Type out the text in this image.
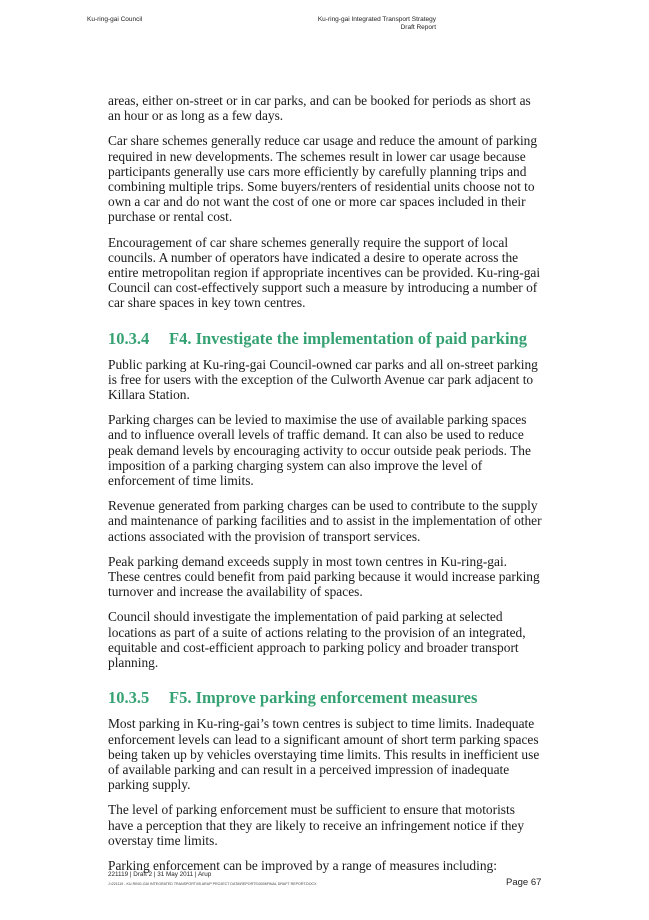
Ku-ring-gai Council	Ku-ring-gai Integrated Transport Strategy
Draft Report

areas, either on-street or in car parks, and can be booked for periods as short as an hour or as long as a few days.

Car share schemes generally reduce car usage and reduce the amount of parking required in new developments. The schemes result in lower car usage because participants generally use cars more efficiently by carefully planning trips and combining multiple trips. Some buyers/renters of residential units choose not to own a car and do not want the cost of one or more car spaces included in their purchase or rental cost.

Encouragement of car share schemes generally require the support of local councils. A number of operators have indicated a desire to operate across the entire metropolitan region if appropriate incentives can be provided. Ku-ring-gai Council can cost-effectively support such a measure by introducing a number of car share spaces in key town centres.

10.3.4 F4. Investigate the implementation of paid parking

Public parking at Ku-ring-gai Council-owned car parks and all on-street parking is free for users with the exception of the Culworth Avenue car park adjacent to Killara Station.

Parking charges can be levied to maximise the use of available parking spaces and to influence overall levels of traffic demand. It can also be used to reduce peak demand levels by encouraging activity to occur outside peak periods. The imposition of a parking charging system can also improve the level of enforcement of time limits.

Revenue generated from parking charges can be used to contribute to the supply and maintenance of parking facilities and to assist in the implementation of other actions associated with the provision of transport services.

Peak parking demand exceeds supply in most town centres in Ku-ring-gai. These centres could benefit from paid parking because it would increase parking turnover and increase the availability of spaces.

Council should investigate the implementation of paid parking at selected locations as part of a suite of actions relating to the provision of an integrated, equitable and cost-efficient approach to parking policy and broader transport planning.

10.3.5 F5. Improve parking enforcement measures

Most parking in Ku-ring-gai’s town centres is subject to time limits. Inadequate enforcement levels can lead to a significant amount of short term parking spaces being taken up by vehicles overstaying time limits. This results in inefficient use of available parking and can result in a perceived impression of inadequate parking supply.

The level of parking enforcement must be sufficient to ensure that motorists have a perception that they are likely to receive an infringement notice if they overstay time limits.

Parking enforcement can be improved by a range of measures including:

221119 | Draft 2 | 31 May 2011 | Arup
J:\221119 - KU-RING-GAI INTEGRATED TRANSPORT\05 ARUP PROJECT DATA\REPORTS\0006FINAL DRAFT REPORT.DOCX	Page 67
